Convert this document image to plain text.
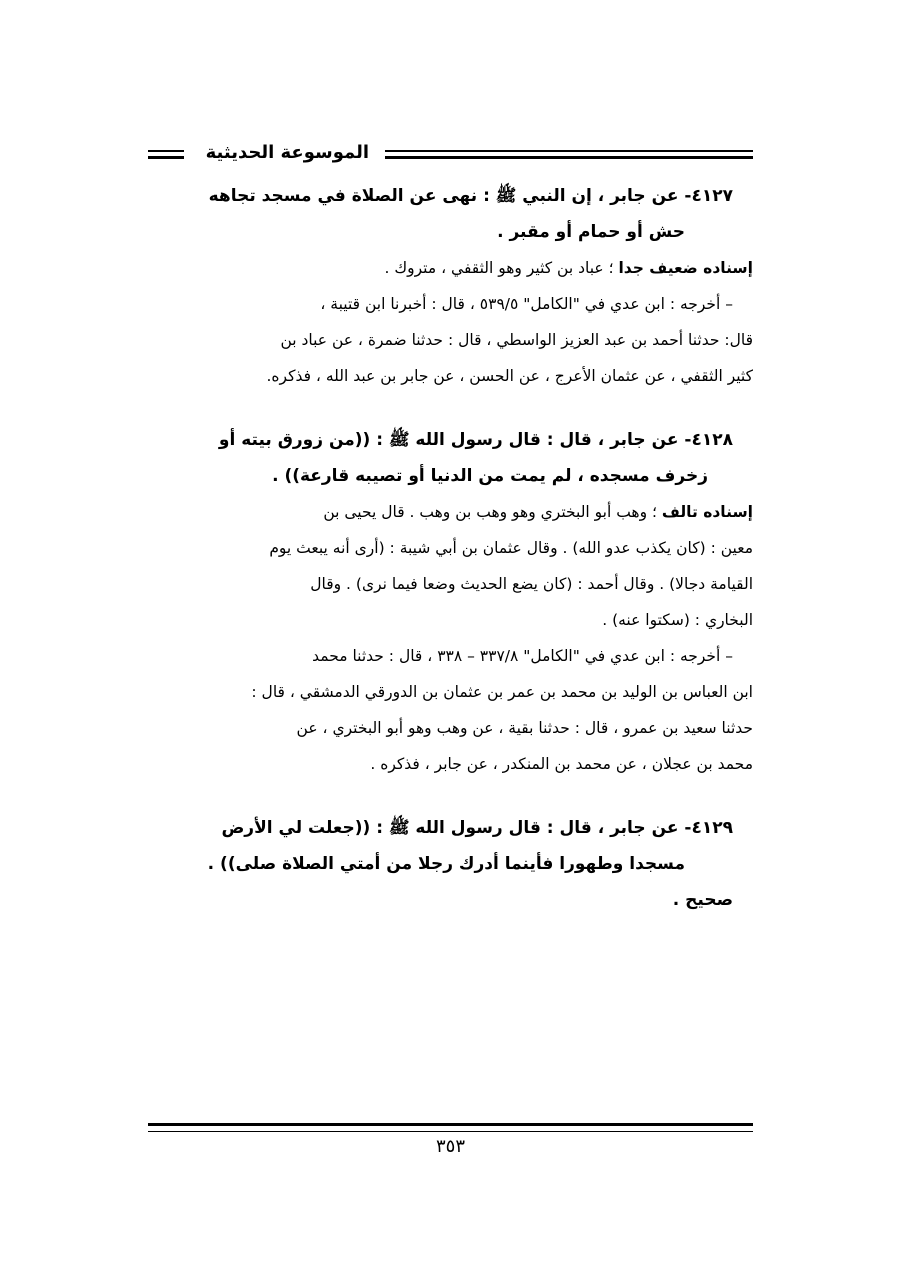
الموسوعة الحديثية
٤١٢٧- عن جابر ، إن النبي ﷺ : نهى عن الصلاة في مسجد تجاهه
حش أو حمام أو مقبر .
إسناده ضعيف جدا ؛ عباد بن كثير وهو الثقفي ، متروك .
– أخرجه : ابن عدي في "الكامل" ٥٣٩/٥ ، قال : أخبرنا ابن قتيبة ،
قال: حدثنا أحمد بن عبد العزيز الواسطي ، قال : حدثنا ضمرة ، عن عباد بن
كثير الثقفي ، عن عثمان الأعرج ، عن الحسن ، عن جابر بن عبد الله ، فذكره.
٤١٢٨- عن جابر ، قال : قال رسول الله ﷺ : ((من زورق بيته أو
زخرف مسجده ، لم يمت من الدنيا أو تصيبه قارعة)) .
إسناده تالف ؛ وهب أبو البختري وهو وهب بن وهب . قال يحيى بن
معين : (كان يكذب عدو الله) . وقال عثمان بن أبي شيبة : (أرى أنه يبعث يوم
القيامة دجالا) . وقال أحمد : (كان يضع الحديث وضعا فيما نرى) . وقال
البخاري : (سكتوا عنه) .
– أخرجه : ابن عدي في "الكامل" ٣٣٧/٨ – ٣٣٨ ، قال : حدثنا محمد
ابن العباس بن الوليد بن محمد بن عمر بن عثمان بن الدورقي الدمشقي ، قال :
حدثنا سعيد بن عمرو ، قال : حدثنا بقية ، عن وهب وهو أبو البختري ، عن
محمد بن عجلان ، عن محمد بن المنكدر ، عن جابر ، فذكره .
٤١٢٩- عن جابر ، قال : قال رسول الله ﷺ : ((جعلت لي الأرض
مسجدا وطهورا فأينما أدرك رجلا من أمتي الصلاة صلى)) .
صحيح .
٣٥٣
